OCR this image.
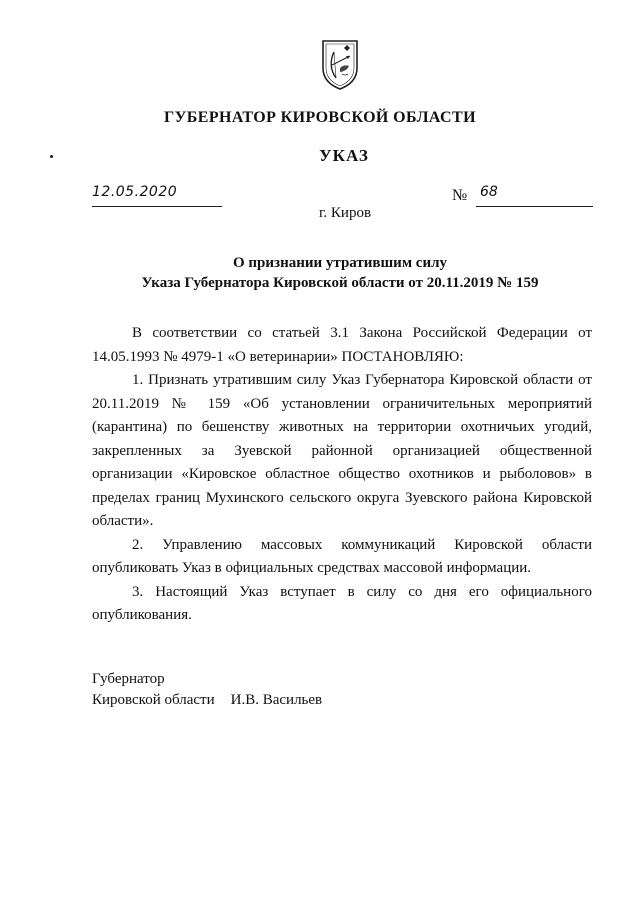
ГУБЕРНАТОР КИРОВСКОЙ ОБЛАСТИ
УКАЗ
12.05.2020	№ 68
г. Киров
О признании утратившим силу
Указа Губернатора Кировской области от 20.11.2019 № 159

В соответствии со статьей 3.1 Закона Российской Федерации от 14.05.1993 № 4979-1 «О ветеринарии» ПОСТАНОВЛЯЮ:

1. Признать утратившим силу Указ Губернатора Кировской области от 20.11.2019 № 159 «Об установлении ограничительных мероприятий (карантина) по бешенству животных на территории охотничьих угодий, закрепленных за Зуевской районной организацией общественной организации «Кировское областное общество охотников и рыболовов» в пределах границ Мухинского сельского округа Зуевского района Кировской области».

2. Управлению массовых коммуникаций Кировской области опубликовать Указ в официальных средствах массовой информации.

3. Настоящий Указ вступает в силу со дня его официального опубликования.

Губернатор
Кировской области И.В. Васильев
